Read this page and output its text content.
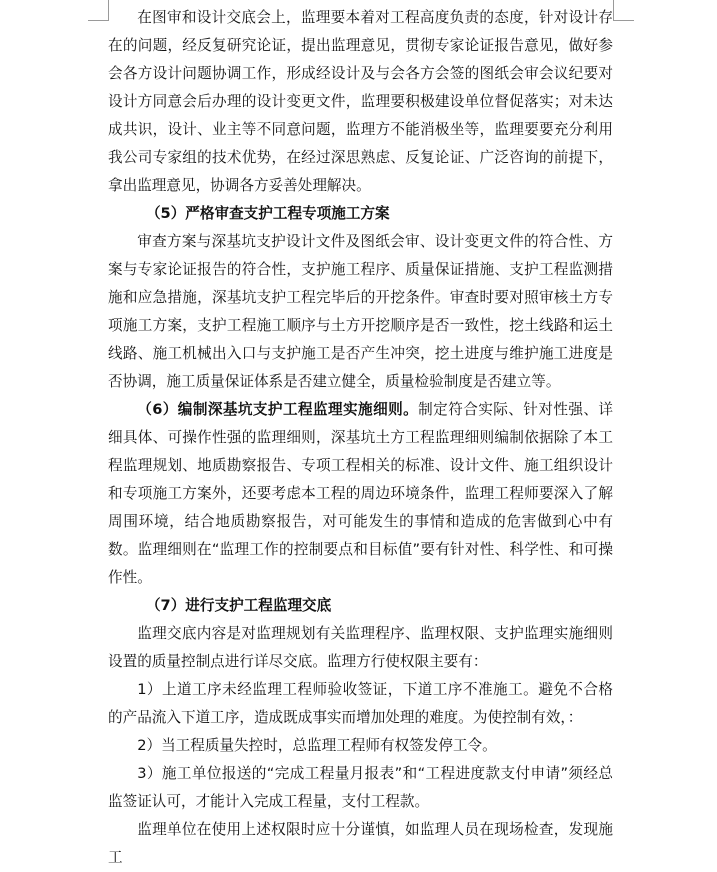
在图审和设计交底会上，监理要本着对工程高度负责的态度，针对设计存在的问题，经反复研究论证，提出监理意见，贯彻专家论证报告意见，做好参会各方设计问题协调工作，形成经设计及与会各方会签的图纸会审会议纪要对设计方同意会后办理的设计变更文件，监理要积极建设单位督促落实；对未达成共识，设计、业主等不同意问题，监理方不能消极坐等，监理要要充分利用我公司专家组的技术优势，在经过深思熟虑、反复论证、广泛咨询的前提下，拿出监理意见，协调各方妥善处理解决。

（5）严格审查支护工程专项施工方案

审查方案与深基坑支护设计文件及图纸会审、设计变更文件的符合性、方案与专家论证报告的符合性，支护施工程序、质量保证措施、支护工程监测措施和应急措施，深基坑支护工程完毕后的开挖条件。审查时要对照审核土方专项施工方案，支护工程施工顺序与土方开挖顺序是否一致性，挖土线路和运土线路、施工机械出入口与支护施工是否产生冲突，挖土进度与维护施工进度是否协调，施工质量保证体系是否建立健全，质量检验制度是否建立等。

（6）编制深基坑支护工程监理实施细则。制定符合实际、针对性强、详细具体、可操作性强的监理细则，深基坑土方工程监理细则编制依据除了本工程监理规划、地质勘察报告、专项工程相关的标准、设计文件、施工组织设计和专项施工方案外，还要考虑本工程的周边环境条件，监理工程师要深入了解周围环境，结合地质勘察报告，对可能发生的事情和造成的危害做到心中有数。监理细则在“监理工作的控制要点和目标值”要有针对性、科学性、和可操作性。

（7）进行支护工程监理交底

监理交底内容是对监理规划有关监理程序、监理权限、支护监理实施细则设置的质量控制点进行详尽交底。监理方行使权限主要有：

1）上道工序未经监理工程师验收签证，下道工序不准施工。避免不合格的产品流入下道工序，造成既成事实而增加处理的难度。为使控制有效，：

2）当工程质量失控时，总监理工程师有权签发停工令。

3）施工单位报送的“完成工程量月报表”和“工程进度款支付申请”须经总监签证认可，才能计入完成工程量，支付工程款。

监理单位在使用上述权限时应十分谨慎，如监理人员在现场检查，发现施工
